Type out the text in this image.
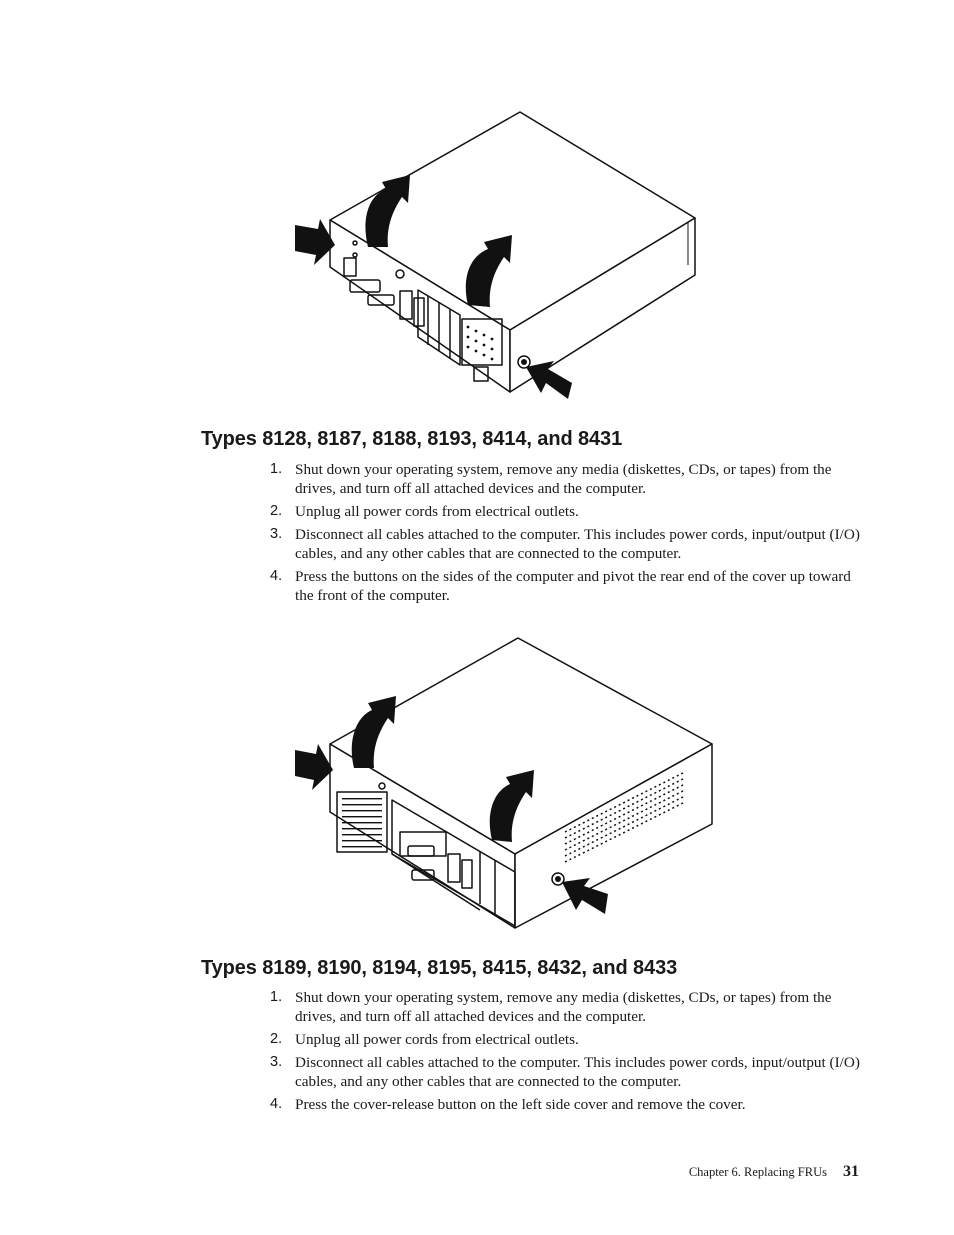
Types 8128, 8187, 8188, 8193, 8414, and 8431
1. Shut down your operating system, remove any media (diskettes, CDs, or tapes) from the drives, and turn off all attached devices and the computer.
2. Unplug all power cords from electrical outlets.
3. Disconnect all cables attached to the computer. This includes power cords, input/output (I/O) cables, and any other cables that are connected to the computer.
4. Press the buttons on the sides of the computer and pivot the rear end of the cover up toward the front of the computer.
Types 8189, 8190, 8194, 8195, 8415, 8432, and 8433
1. Shut down your operating system, remove any media (diskettes, CDs, or tapes) from the drives, and turn off all attached devices and the computer.
2. Unplug all power cords from electrical outlets.
3. Disconnect all cables attached to the computer. This includes power cords, input/output (I/O) cables, and any other cables that are connected to the computer.
4. Press the cover-release button on the left side cover and remove the cover.
Chapter 6. Replacing FRUs 31
